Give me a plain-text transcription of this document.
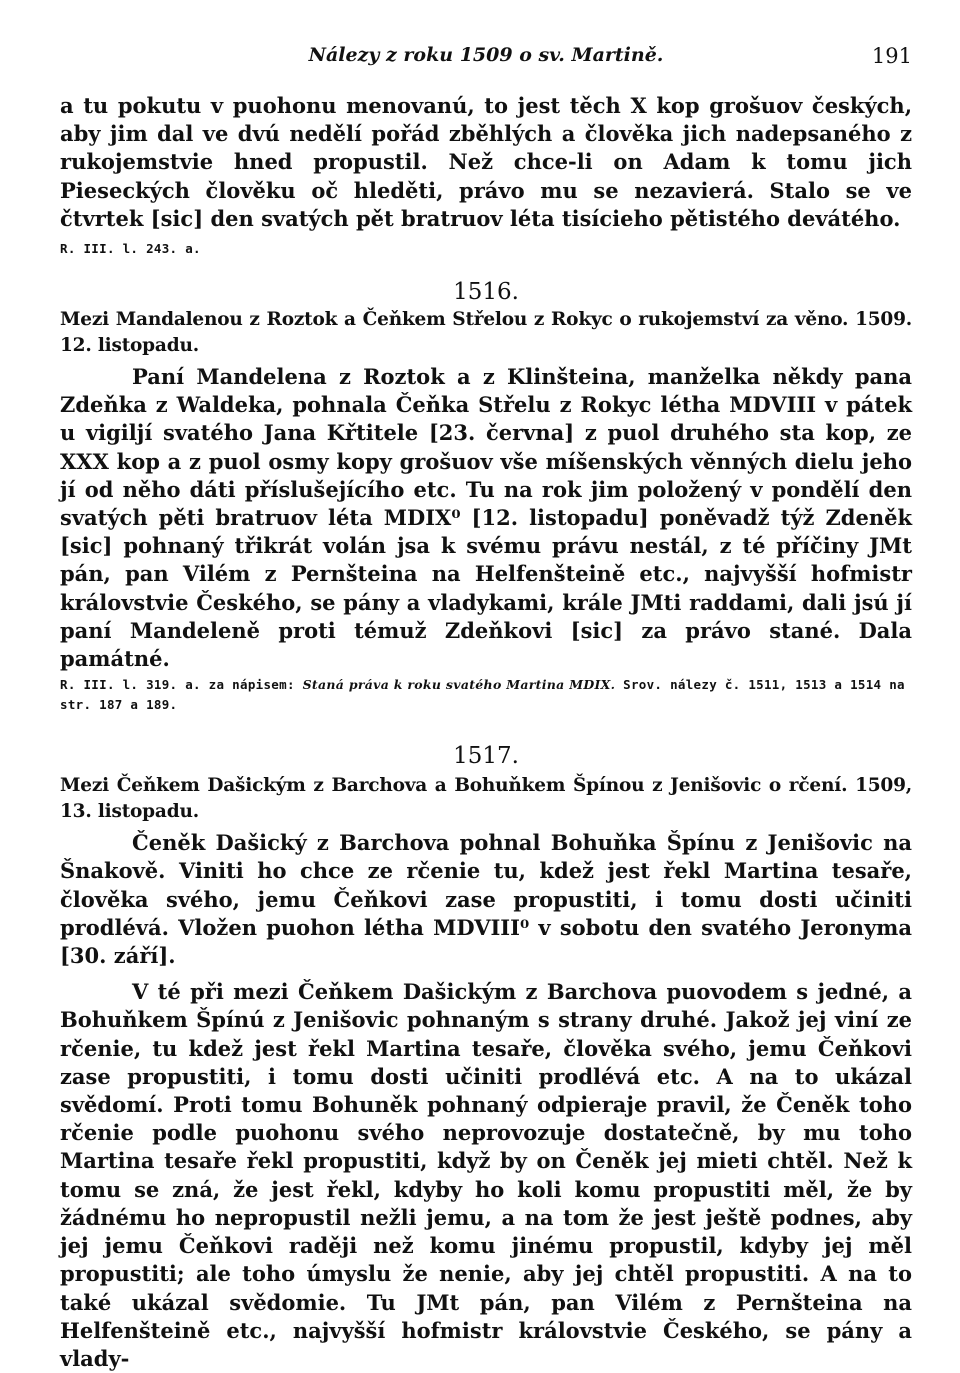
Nálezy z roku 1509 o sv. Martině.	191

a tu pokutu v puohonu menovanú, to jest těch X kop grošuov českých, aby jim dal ve dvú nedělí pořád zběhlých a člověka jich nadepsaného z rukojemstvie hned propustil. Než chce-li on Adam k tomu jich Pieseckých člověku oč hleděti, právo mu se nezavierá. Stalo se ve čtvrtek [sic] den svatých pět bratruov léta tisícieho pětistého devátého.

R. III. l. 243. a.
1516.
Mezi Mandalenou z Roztok a Čeňkem Střelou z Rokyc o rukojemství za věno. 1509. 12. listopadu.

Paní Mandelena z Roztok a z Klinšteina, manželka někdy pana Zdeňka z Waldeka, pohnala Čeňka Střelu z Rokyc létha MDVIII v pátek u vigiljí svatého Jana Křtitele [23. června] z puol druhého sta kop, ze XXX kop a z puol osmy kopy grošuov vše míšenských věnných dielu jeho jí od něho dáti příslušejícího etc. Tu na rok jim položený v pondělí den svatých pěti bratruov léta MDIX⁰ [12. listopadu] poněvadž týž Zdeněk [sic] pohnaný třikrát volán jsa k svému právu nestál, z té příčiny JMt pán, pan Vilém z Pernšteina na Helfenšteině etc., najvyšší hofmistr královstvie Českého, se pány a vladykami, krále JMti raddami, dali jsú jí paní Mandeleně proti témuž Zdeňkovi [sic] za právo stané. Dala památné.

R. III. l. 319. a. za nápisem: Staná práva k roku svatého Martina MDIX. Srov. nálezy č. 1511, 1513 a 1514 na str. 187 a 189.
1517.
Mezi Čeňkem Dašickým z Barchova a Bohuňkem Špínou z Jenišovic o rčení. 1509, 13. listopadu.

Čeněk Dašický z Barchova pohnal Bohuňka Špínu z Jenišovic na Šnakově. Viniti ho chce ze rčenie tu, kdež jest řekl Martina tesaře, člověka svého, jemu Čeňkovi zase propustiti, i tomu dosti učiniti prodlévá. Vložen puohon létha MDVIII⁰ v sobotu den svatého Jeronyma [30. září].

V té při mezi Čeňkem Dašickým z Barchova puovodem s jedné, a Bohuňkem Špínú z Jenišovic pohnaným s strany druhé. Jakož jej viní ze rčenie, tu kdež jest řekl Martina tesaře, člověka svého, jemu Čeňkovi zase propustiti, i tomu dosti učiniti prodlévá etc. A na to ukázal svědomí. Proti tomu Bohuněk pohnaný odpieraje pravil, že Čeněk toho rčenie podle puohonu svého neprovozuje dostatečně, by mu toho Martina tesaře řekl propustiti, když by on Čeněk jej mieti chtěl. Než k tomu se zná, že jest řekl, kdyby ho koli komu propustiti měl, že by žádnému ho nepropustil nežli jemu, a na tom že jest ještě podnes, aby jej jemu Čeňkovi raději než komu jinému propustil, kdyby jej měl propustiti; ale toho úmyslu že nenie, aby jej chtěl propustiti. A na to také ukázal svědomie. Tu JMt pán, pan Vilém z Pernšteina na Helfenšteině etc., najvyšší hofmistr královstvie Českého, se pány a vlady-
